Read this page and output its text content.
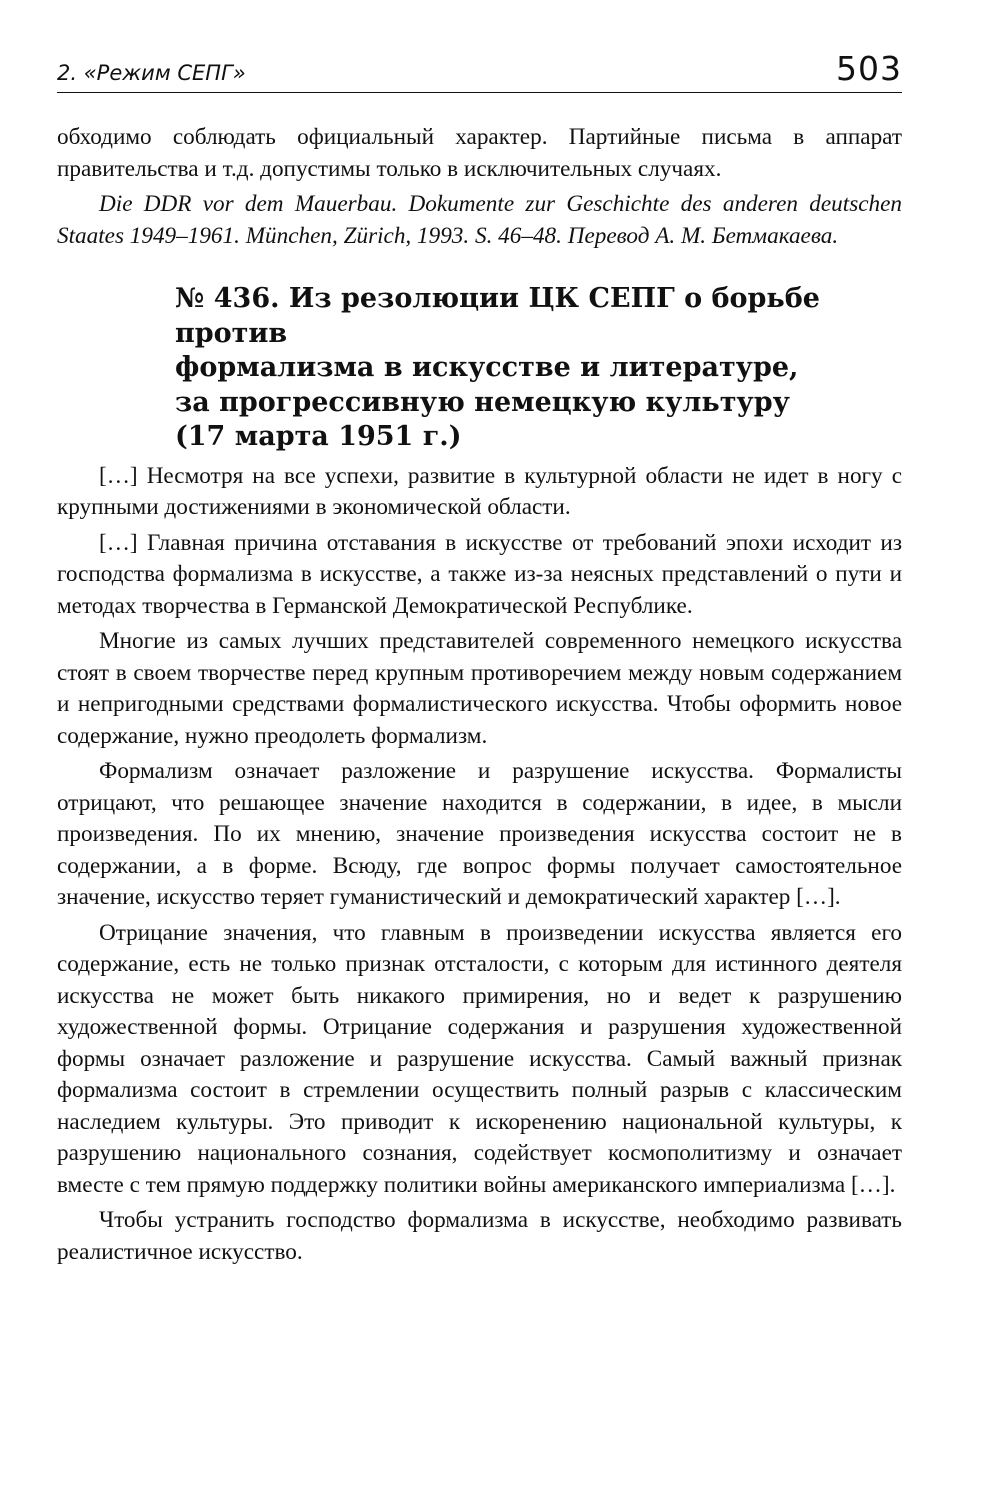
2. «Режим СЕПГ»	503

обходимо соблюдать официальный характер. Партийные письма в аппарат правительства и т.д. допустимы только в исключительных случаях.

Die DDR vor dem Mauerbau. Dokumente zur Geschichte des anderen deutschen Staates 1949–1961. München, Zürich, 1993. S. 46–48. Перевод А. М. Бетмакаева.

№ 436. Из резолюции ЦК СЕПГ о борьбе против
формализма в искусстве и литературе,
за прогрессивную немецкую культуру
(17 марта 1951 г.)

[…] Несмотря на все успехи, развитие в культурной области не идет в ногу с крупными достижениями в экономической области.

[…] Главная причина отставания в искусстве от требований эпохи исходит из господства формализма в искусстве, а также из-за неясных представлений о пути и методах творчества в Германской Демократической Республике.

Многие из самых лучших представителей современного немецкого искусства стоят в своем творчестве перед крупным противоречием между новым содержанием и непригодными средствами формалистического искусства. Чтобы оформить новое содержание, нужно преодолеть формализм.

Формализм означает разложение и разрушение искусства. Формалисты отрицают, что решающее значение находится в содержании, в идее, в мысли произведения. По их мнению, значение произведения искусства состоит не в содержании, а в форме. Всюду, где вопрос формы получает самостоятельное значение, искусство теряет гуманистический и демократический характер […].

Отрицание значения, что главным в произведении искусства является его содержание, есть не только признак отсталости, с которым для истинного деятеля искусства не может быть никакого примирения, но и ведет к разрушению художественной формы. Отрицание содержания и разрушения художественной формы означает разложение и разрушение искусства. Самый важный признак формализма состоит в стремлении осуществить полный разрыв с классическим наследием культуры. Это приводит к искоренению национальной культуры, к разрушению национального сознания, содействует космополитизму и означает вместе с тем прямую поддержку политики войны американского империализма […].

Чтобы устранить господство формализма в искусстве, необходимо развивать реалистичное искусство.
